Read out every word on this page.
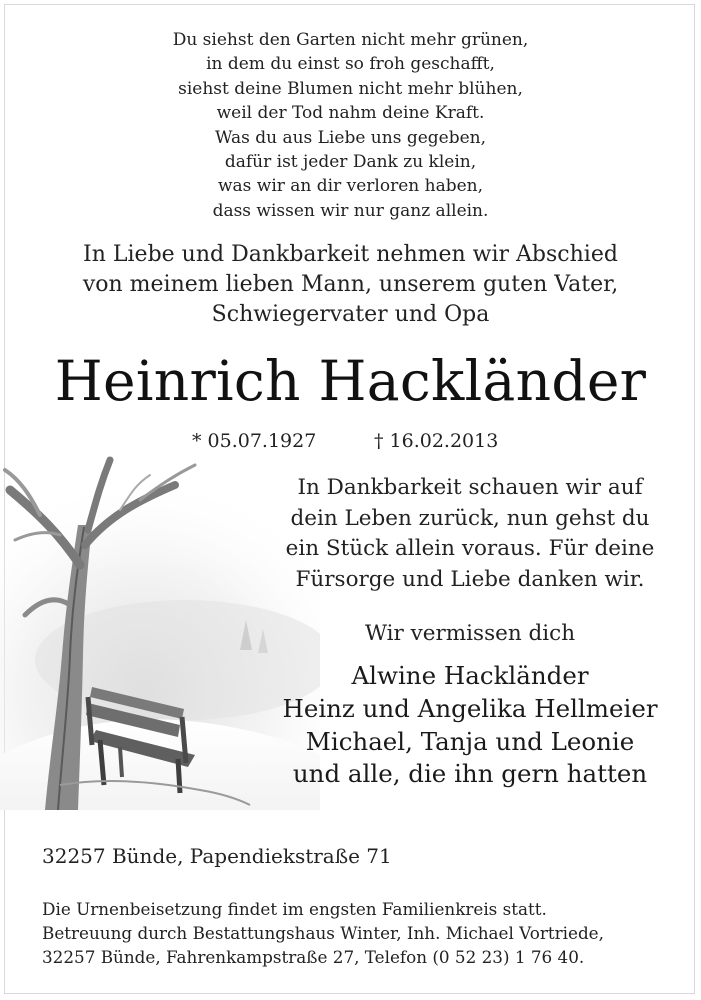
Du siehst den Garten nicht mehr grünen,
in dem du einst so froh geschafft,
siehst deine Blumen nicht mehr blühen,
weil der Tod nahm deine Kraft.
Was du aus Liebe uns gegeben,
dafür ist jeder Dank zu klein,
was wir an dir verloren haben,
dass wissen wir nur ganz allein.
In Liebe und Dankbarkeit nehmen wir Abschied
von meinem lieben Mann, unserem guten Vater,
Schwiegervater und Opa
Heinrich Hackländer
* 05.07.1927	† 16.02.2013
In Dankbarkeit schauen wir auf
dein Leben zurück, nun gehst du
ein Stück allein voraus. Für deine
Fürsorge und Liebe danken wir.
Wir vermissen dich
Alwine Hackländer
Heinz und Angelika Hellmeier
Michael, Tanja und Leonie
und alle, die ihn gern hatten
32257 Bünde, Papendiekstraße 71
Die Urnenbeisetzung findet im engsten Familienkreis statt.
Betreuung durch Bestattungshaus Winter, Inh. Michael Vortriede,
32257 Bünde, Fahrenkampstraße 27, Telefon (0 52 23) 1 76 40.
